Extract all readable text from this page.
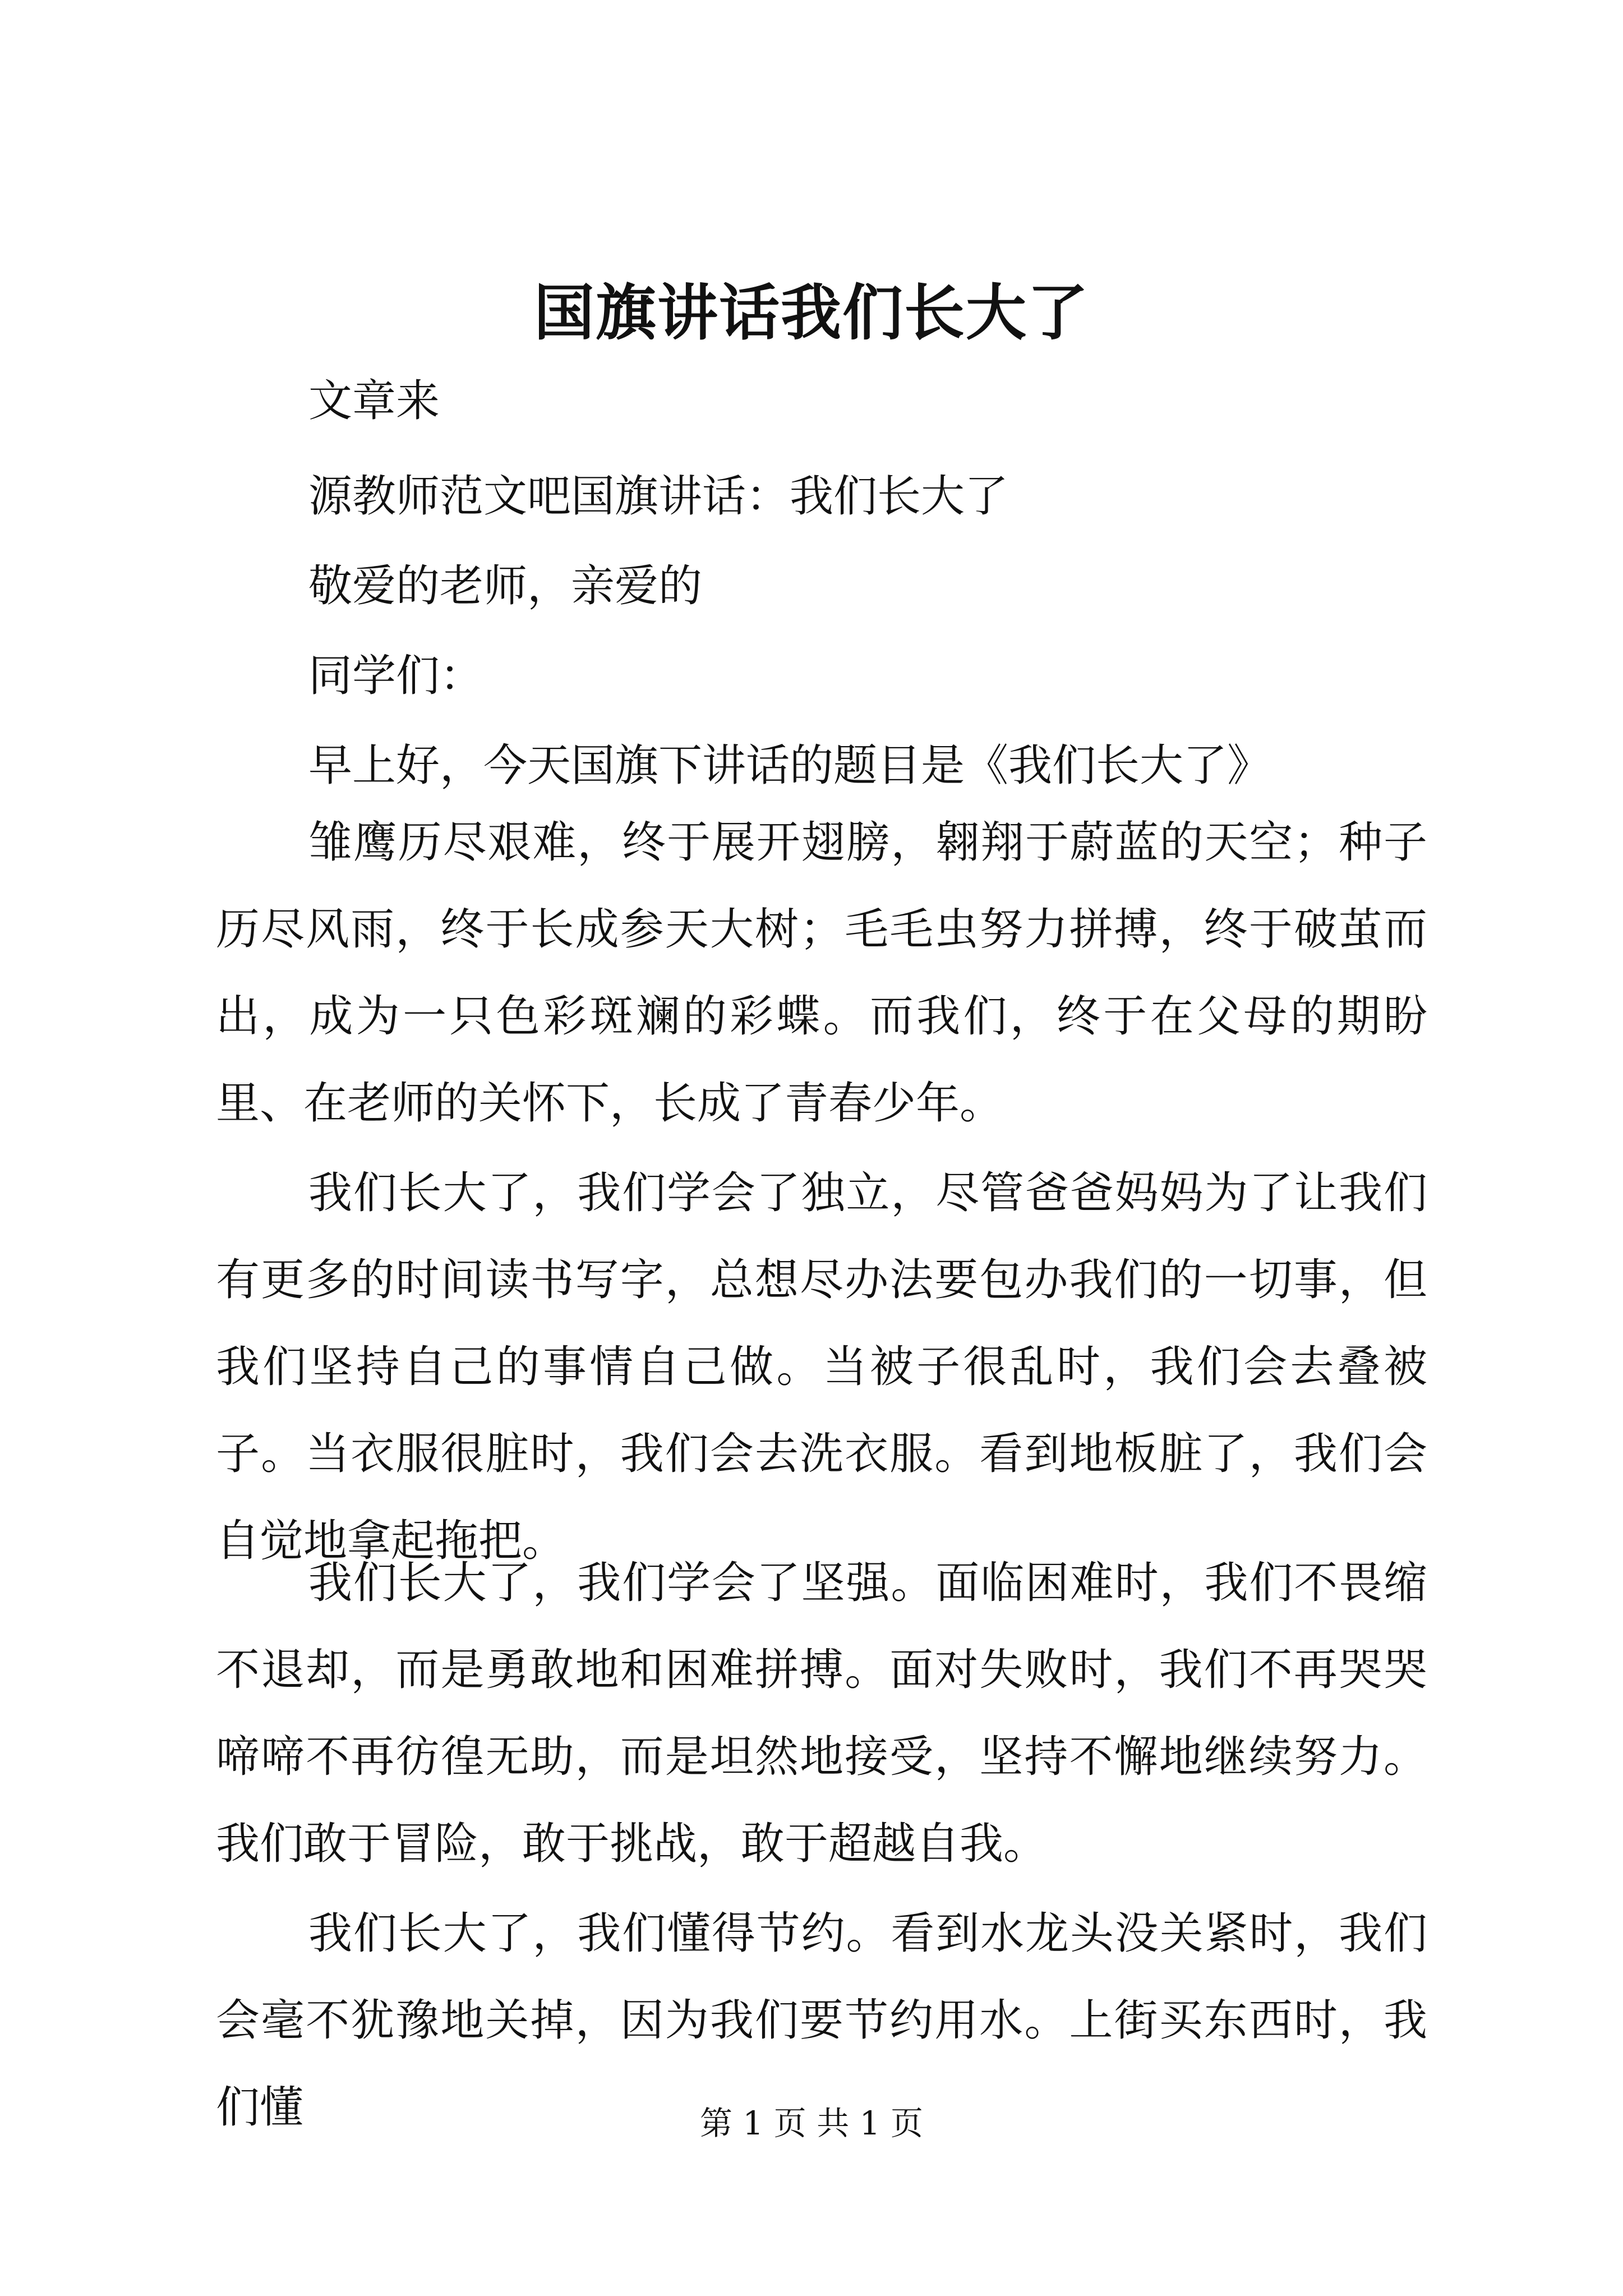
国旗讲话我们长大了
文章来
源教师范文吧国旗讲话：我们长大了
敬爱的老师，亲爱的
同学们：
早上好，今天国旗下讲话的题目是《我们长大了》

雏鹰历尽艰难，终于展开翅膀，翱翔于蔚蓝的天空；种子历尽风雨，终于长成参天大树；毛毛虫努力拼搏，终于破茧而出，成为一只色彩斑斓的彩蝶。而我们，终于在父母的期盼里、在老师的关怀下，长成了青春少年。

我们长大了，我们学会了独立，尽管爸爸妈妈为了让我们有更多的时间读书写字，总想尽办法要包办我们的一切事，但我们坚持自己的事情自己做。当被子很乱时，我们会去叠被子。当衣服很脏时，我们会去洗衣服。看到地板脏了，我们会自觉地拿起拖把。

我们长大了，我们学会了坚强。面临困难时，我们不畏缩不退却，而是勇敢地和困难拼搏。面对失败时，我们不再哭哭啼啼不再彷徨无助，而是坦然地接受，坚持不懈地继续努力。我们敢于冒险，敢于挑战，敢于超越自我。

我们长大了，我们懂得节约。看到水龙头没关紧时，我们会毫不犹豫地关掉，因为我们要节约用水。上街买东西时，我们懂	第 1 页 共 1 页
